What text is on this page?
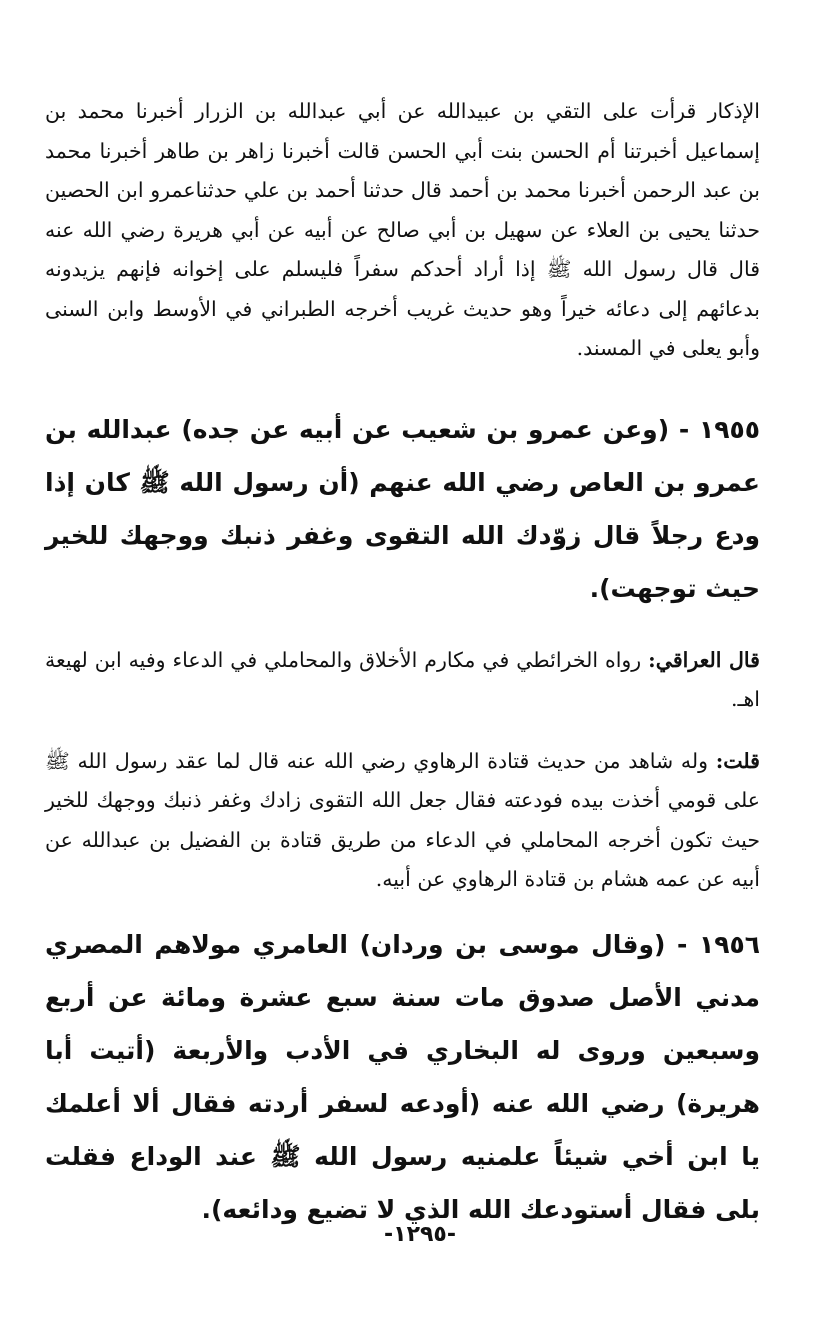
الإذكار قرأت على التقي بن عبيدالله عن أبي عبدالله بن الزرار أخبرنا محمد بن إسماعيل أخبرتنا أم الحسن بنت أبي الحسن قالت أخبرنا زاهر بن طاهر أخبرنا محمد بن عبد الرحمن أخبرنا محمد بن أحمد قال حدثنا أحمد بن علي حدثناعمرو ابن الحصين حدثنا يحيى بن العلاء عن سهيل بن أبي صالح عن أبيه عن أبي هريرة رضي الله عنه قال قال رسول الله ﷺ إذا أراد أحدكم سفراً فليسلم على إخوانه فإنهم يزيدونه بدعائهم إلى دعائه خيراً وهو حديث غريب أخرجه الطبراني في الأوسط وابن السنى وأبو يعلى في المسند.

١٩٥٥ - (وعن عمرو بن شعيب عن أبيه عن جده) عبدالله بن عمرو بن العاص رضي الله عنهم (أن رسول الله ﷺ كان إذا ودع رجلاً قال زوّدك الله التقوى وغفر ذنبك ووجهك للخير حيث توجهت).

قال العراقي: رواه الخرائطي في مكارم الأخلاق والمحاملي في الدعاء وفيه ابن لهيعة اهـ.

قلت: وله شاهد من حديث قتادة الرهاوي رضي الله عنه قال لما عقد رسول الله ﷺ على قومي أخذت بيده فودعته فقال جعل الله التقوى زادك وغفر ذنبك ووجهك للخير حيث تكون أخرجه المحاملي في الدعاء من طريق قتادة بن الفضيل بن عبدالله عن أبيه عن عمه هشام بن قتادة الرهاوي عن أبيه.

١٩٥٦ - (وقال موسى بن وردان) العامري مولاهم المصري مدني الأصل صدوق مات سنة سبع عشرة ومائة عن أربع وسبعين وروى له البخاري في الأدب والأربعة (أتيت أبا هريرة) رضي الله عنه (أودعه لسفر أردته فقال ألا أعلمك يا ابن أخي شيئاً علمنيه رسول الله ﷺ عند الوداع فقلت بلى فقال أستودعك الله الذي لا تضيع ودائعه).

-١٢٩٥-
